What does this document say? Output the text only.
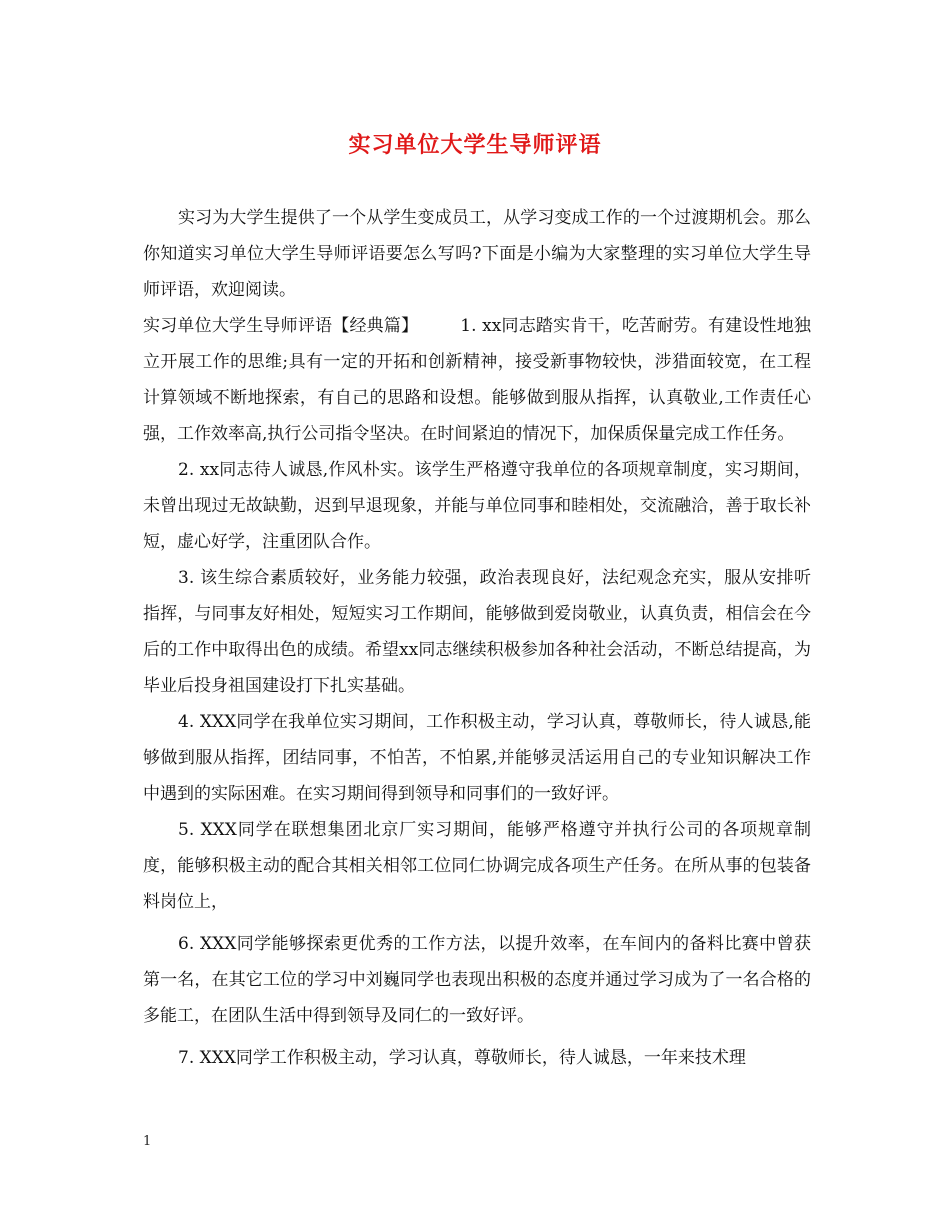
实习单位大学生导师评语

实习为大学生提供了一个从学生变成员工，从学习变成工作的一个过渡期机会。那么你知道实习单位大学生导师评语要怎么写吗?下面是小编为大家整理的实习单位大学生导师评语，欢迎阅读。

实习单位大学生导师评语【经典篇】 1. xx同志踏实肯干，吃苦耐劳。有建设性地独立开展工作的思维;具有一定的开拓和创新精神，接受新事物较快，涉猎面较宽，在工程计算领域不断地探索，有自己的思路和设想。能够做到服从指挥，认真敬业,工作责任心强，工作效率高,执行公司指令坚决。在时间紧迫的情况下，加保质保量完成工作任务。

2. xx同志待人诚恳,作风朴实。该学生严格遵守我单位的各项规章制度，实习期间，未曾出现过无故缺勤，迟到早退现象，并能与单位同事和睦相处，交流融洽，善于取长补短，虚心好学，注重团队合作。

3. 该生综合素质较好，业务能力较强，政治表现良好，法纪观念充实，服从安排听指挥，与同事友好相处，短短实习工作期间，能够做到爱岗敬业，认真负责，相信会在今后的工作中取得出色的成绩。希望xx同志继续积极参加各种社会活动，不断总结提高，为毕业后投身祖国建设打下扎实基础。

4. XXX同学在我单位实习期间，工作积极主动，学习认真，尊敬师长，待人诚恳,能够做到服从指挥，团结同事，不怕苦，不怕累,并能够灵活运用自己的专业知识解决工作中遇到的实际困难。在实习期间得到领导和同事们的一致好评。

5. XXX同学在联想集团北京厂实习期间，能够严格遵守并执行公司的各项规章制度，能够积极主动的配合其相关相邻工位同仁协调完成各项生产任务。在所从事的包装备料岗位上，

6. XXX同学能够探索更优秀的工作方法，以提升效率，在车间内的备料比赛中曾获第一名，在其它工位的学习中刘巍同学也表现出积极的态度并通过学习成为了一名合格的多能工，在团队生活中得到领导及同仁的一致好评。

7. XXX同学工作积极主动，学习认真，尊敬师长，待人诚恳，一年来技术理

1
